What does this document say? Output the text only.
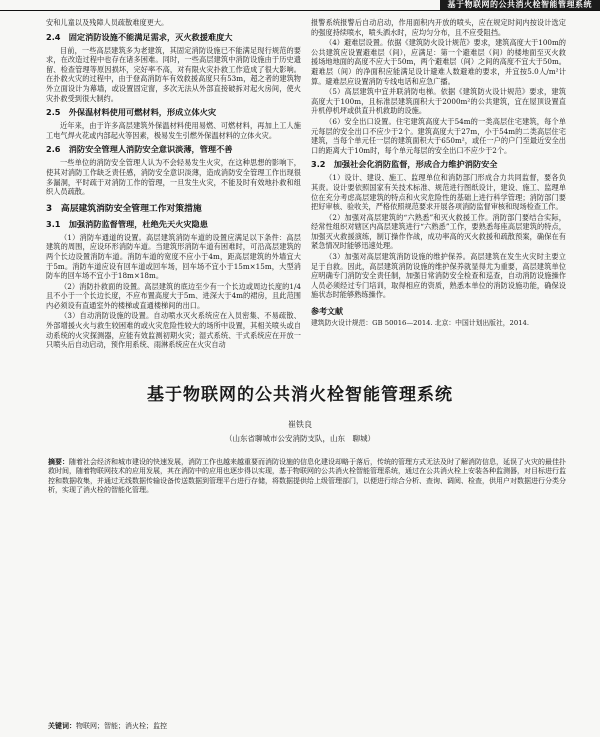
基于物联网的公共消火栓智能管理系统

安和儿童以及残障人员疏散难度更大。

2.4　固定消防设施不能满足需求，灭火救援难度大

目前，一些高层建筑多为老建筑，其固定消防设施已不能满足现行规范的要求，在改造过程中也存在诸多困难。同时，一些高层建筑中消防设施由于历史遗留、检查管理等原因损坏，完好率不高，对有限火灾扑救工作造成了很大影响。在扑救火灾的过程中，由于登高消防车有效救援高度只有53m，超之者的建筑物外立面设计为幕墙，或设置固定窗，多次无法从外部直接破拆对起火房间，使火灾扑救受到很大制约。

2.5　外保温材料使用可燃材料，形成立体火灾

近年来，由于许多高层建筑外保温材料使用易燃、可燃材料，再加上工人施工电气焊火花或内部起火等因素，极易发生引燃外保温材料的立体火灾。

2.6　消防安全管理人消防安全意识淡薄，管理不善

一些单位的消防安全管理人认为不会轻易发生火灾，在这种思想的影响下，使其对消防工作缺乏责任感，消防安全意识淡薄，造成消防安全管理工作出现很多漏洞，平时疏于对消防工作的管理，一旦发生火灾，不能及时有效地扑救和组织人员疏散。

3　高层建筑消防安全管理工作对策措施
3.1　加强消防监督管理，杜绝先天火灾隐患

（1）消防车通道的设置。高层建筑消防车道的设置应满足以下条件：高层建筑的周围，应设环形消防车道。当建筑形消防车道有困难时，可沿高层建筑的两个长边设置消防车道。消防车道的宽度不应小于4m，距高层建筑的外墙宜大于5m。消防车道应设有回车道或回车场，回车场不宜小于15m×15m，大型消防车的回车场不宜小于18m×18m。

（2）消防扑救面的设置。高层建筑的底边至少有一个长边或周边长度的1/4且不小于一个长边长度，不应布置高度大于5m、进深大于4m的裙房，且此范围内必须设有直通室外的楼梯或直通楼梯间的出口。

（3）自动消防设施的设置。自动喷水灭火系统应在入员密集、不易疏散、外部增援火火与救生较困难的或火灾危险性较大的场所中设置，其相关喷头或自动系统的火灾探测器，应能有效监测初期火灾；湿式系统、干式系统应在开放一只喷头后自动启动，预作用系统、雨淋系统应在火灾自动

报警系统报警后自动启动，作用面积内开放的喷头，应在规定时间内按设计选定的强度持续喷水，喷头洒水时，应均匀分布，且不应受阻挡。

（4）避难层设置。依据《建筑防火设计规范》要求，建筑高度大于100m的公共建筑应设置避难层（间），应满足：第一个避难层（间）的楼地面至灭火救援场地地面的高度不应大于50m，两个避难层（间）之间的高度不宜大于50m。避难层（间）的净面积应能满足设计避难人数避难的要求，并宜按5.0人/m²计算。避难层应设置消防专线电话和应急广播。

（5）高层建筑中宜并联消防电梯。依据《建筑防火设计规范》要求，建筑高度大于100m，且标准层建筑面积大于2000m²的公共建筑，宜在屋顶设置直升机停机坪或供直升机救助的设施。

（6）安全出口设置。住宅建筑高度大于54m的一类高层住宅建筑，每个单元每层的安全出口不应少于2个。建筑高度大于27m，小于54m的二类高层住宅建筑，当每个单元任一层的建筑面积大于650m²，或任一户的户门至最近安全出口的距离大于10m时，每个单元每层的安全出口不应少于2个。

3.2　加强社会化消防监督，形成合力维护消防安全

（1）设计、建设、施工、监理单位和消防部门形成合力共同监督，要各负其责。设计要依照国家有关技术标准、规范进行图纸设计，建设、施工、监理单位在充分考虑高层建筑的特点和火灾危险性的基础上进行科学管理；消防部门要把好审核、验收关，严格依照规范要求开展各项消防监督审核和现场检查工作。

（2）加强对高层建筑的“六熟悉”和灭火救援工作。消防部门要结合实际，经常性组织对辖区内高层建筑进行“六熟悉”工作，要熟悉每座高层建筑的特点，加强灭火救援演练，制订操作作战，成功率高的灭火救援和疏散预案，确保在有紧急情况时能够迅速处理。

（3）加强对高层建筑消防设施的维护保养。高层建筑在发生火灾时主要立足于自救。因此，高层建筑消防设施的维护保养就显得尤为重要，高层建筑单位应明确专门消防安全责任制，加强日常消防安全检查和巡查，自动消防设施操作人员必须经过专门培训，取得相应的资质，熟悉本单位的消防设施功能，确保设施状态时能够熟练操作。

参考文献

建筑防火设计规范：GB 50016—2014. 北京：中国计划出版社，2014.

基于物联网的公共消火栓智能管理系统
崔铁良
（山东省聊城市公安消防支队，山东　聊城）
摘要：随着社会经济和城市建设的快速发展，消防工作也越来越重要而消防设施的信息化建设却略于落后，传统的管理方式无法及时了解消防信息，延误了火灾的最佳扑救时间，随着物联网技术的应用发展，其在消防中的应用也逐步得以实现，基于物联网的公共消火栓智能管理系统，通过在公共消火栓上安装各种监测器，对目标进行监控和数据收集，并通过无线数据传输设备传送数据到管理平台进行存储，将数据提供给上级管理部门，以便进行综合分析、查询、调阅、检查，供用户对数据进行分类分析，实现了消火栓的智能化管理。
关键词：物联网；智能；消火栓；监控
